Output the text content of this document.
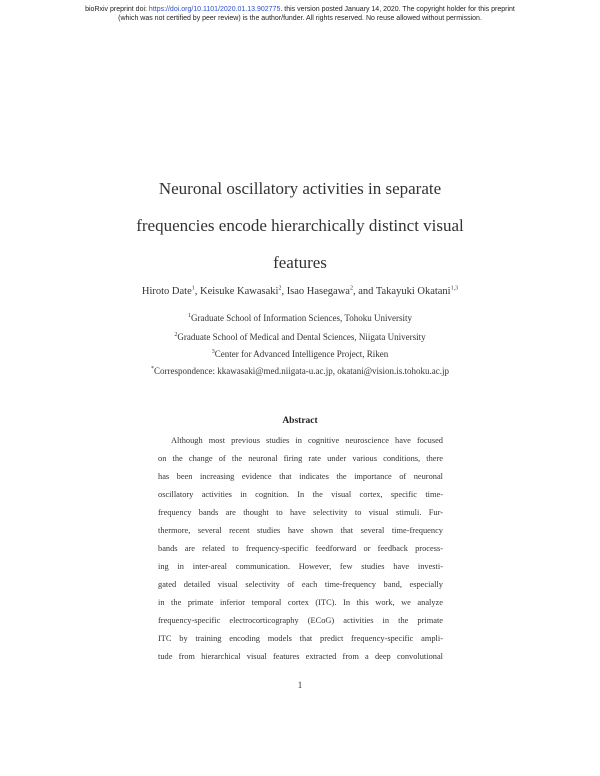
bioRxiv preprint doi: https://doi.org/10.1101/2020.01.13.902775. this version posted January 14, 2020. The copyright holder for this preprint
(which was not certified by peer review) is the author/funder. All rights reserved. No reuse allowed without permission.
Neuronal oscillatory activities in separate
frequencies encode hierarchically distinct visual
features
Hiroto Date$^1$, Keisuke Kawasaki$^2$, Isao Hasegawa$^2$, and Takayuki Okatani$^{1,3}$
$^1$Graduate School of Information Sciences, Tohoku University
$^2$Graduate School of Medical and Dental Sciences, Niigata University
$^3$Center for Advanced Intelligence Project, Riken
*Correspondence: kkawasaki@med.niigata-u.ac.jp, okatani@vision.is.tohoku.ac.jp
Abstract
Although most previous studies in cognitive neuroscience have focused
on the change of the neuronal firing rate under various conditions, there
has been increasing evidence that indicates the importance of neuronal
oscillatory activities in cognition. In the visual cortex, specific time-
frequency bands are thought to have selectivity to visual stimuli. Fur-
thermore, several recent studies have shown that several time-frequency
bands are related to frequency-specific feedforward or feedback process-
ing in inter-areal communication. However, few studies have investi-
gated detailed visual selectivity of each time-frequency band, especially
in the primate inferior temporal cortex (ITC). In this work, we analyze
frequency-specific electrocorticography (ECoG) activities in the primate
ITC by training encoding models that predict frequency-specific ampli-
tude from hierarchical visual features extracted from a deep convolutional
1
